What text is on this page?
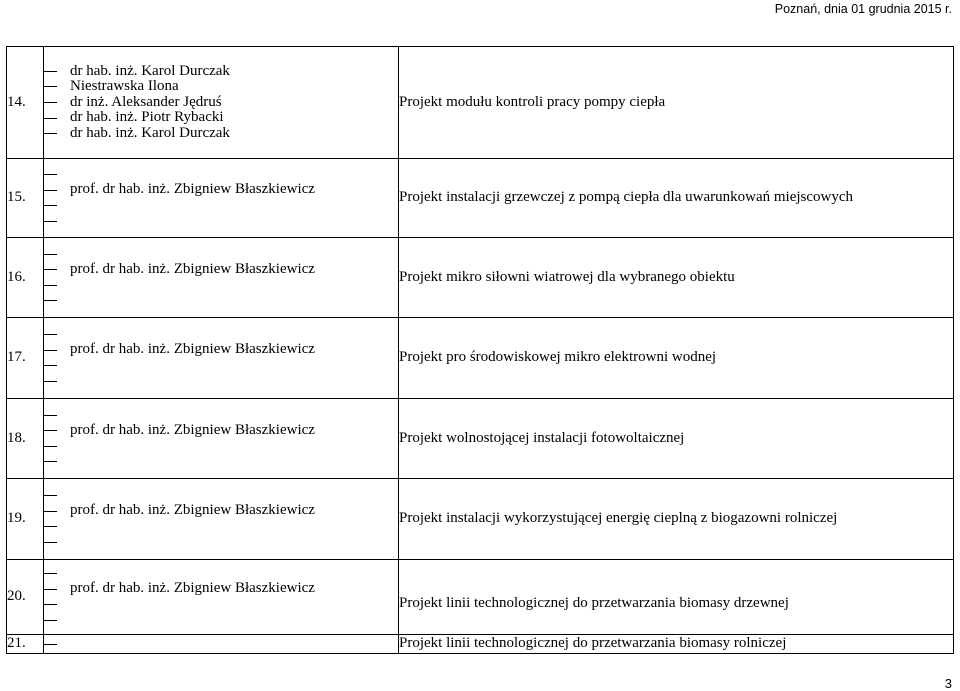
Poznań, dnia 01 grudnia 2015 r.
14.	dr hab. inż. Karol Durczak
Niestrawska Ilona
dr inż. Aleksander Jędruś
dr hab. inż. Piotr Rybacki
dr hab. inż. Karol Durczak	Projekt modułu kontroli pracy pompy ciepła
15.	prof. dr hab. inż. Zbigniew Błaszkiewicz	Projekt instalacji grzewczej z pompą ciepła dla uwarunkowań miejscowych
16.	prof. dr hab. inż. Zbigniew Błaszkiewicz	Projekt mikro siłowni wiatrowej dla wybranego obiektu
17.	prof. dr hab. inż. Zbigniew Błaszkiewicz	Projekt pro środowiskowej mikro elektrowni wodnej
18.	prof. dr hab. inż. Zbigniew Błaszkiewicz	Projekt wolnostojącej instalacji fotowoltaicznej
19.	prof. dr hab. inż. Zbigniew Błaszkiewicz	Projekt instalacji wykorzystującej energię cieplną z biogazowni rolniczej
20.	prof. dr hab. inż. Zbigniew Błaszkiewicz	Projekt linii technologicznej do przetwarzania biomasy drzewnej
21.		Projekt linii technologicznej do przetwarzania biomasy rolniczej
3
